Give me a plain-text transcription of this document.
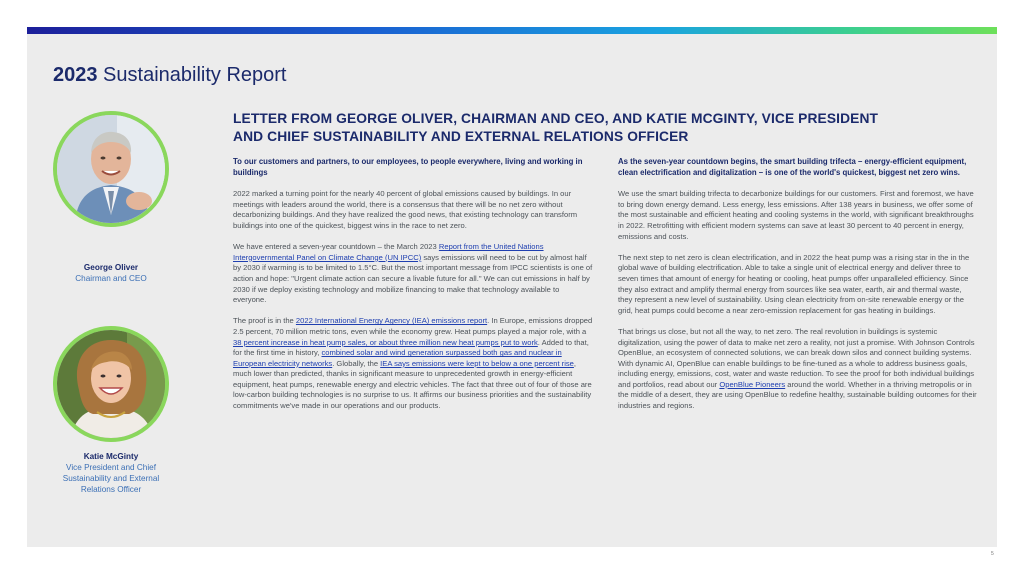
2023 Sustainability Report
George Oliver
Chairman and CEO
Katie McGinty
Vice President and Chief
Sustainability and External
Relations Officer
LETTER FROM GEORGE OLIVER, CHAIRMAN AND CEO, AND KATIE MCGINTY, VICE PRESIDENT
AND CHIEF SUSTAINABILITY AND EXTERNAL RELATIONS OFFICER
To our customers and partners, to our employees, to people everywhere, living and working in buildings

2022 marked a turning point for the nearly 40 percent of global emissions caused by buildings. In our meetings with leaders around the world, there is a consensus that there will be no net zero without decarbonizing buildings. And they have realized the good news, that existing technology can transform buildings into one of the quickest, biggest wins in the race to net zero.

We have entered a seven-year countdown – the March 2023 Report from the United Nations Intergovernmental Panel on Climate Change (UN IPCC) says emissions will need to be cut by almost half by 2030 if warming is to be limited to 1.5°C. But the most important message from IPCC scientists is one of action and hope: "Urgent climate action can secure a livable future for all." We can cut emissions in half by 2030 if we deploy existing technology and mobilize financing to make that technology available to everyone.

The proof is in the 2022 International Energy Agency (IEA) emissions report. In Europe, emissions dropped 2.5 percent, 70 million metric tons, even while the economy grew. Heat pumps played a major role, with a 38 percent increase in heat pump sales, or about three million new heat pumps put to work. Added to that, for the first time in history, combined solar and wind generation surpassed both gas and nuclear in European electricity networks. Globally, the IEA says emissions were kept to below a one percent rise, much lower than predicted, thanks in significant measure to unprecedented growth in energy-efficient equipment, heat pumps, renewable energy and electric vehicles. The fact that three out of four of those are low-carbon building technologies is no surprise to us. It affirms our business priorities and the sustainability commitments we've made in our operations and our products.

As the seven-year countdown begins, the smart building trifecta – energy-efficient equipment, clean electrification and digitalization – is one of the world's quickest, biggest net zero wins.

We use the smart building trifecta to decarbonize buildings for our customers. First and foremost, we have to bring down energy demand. Less energy, less emissions. After 138 years in business, we offer some of the most sustainable and efficient heating and cooling systems in the world, with significant breakthroughs in 2022. Retrofitting with efficient modern systems can save at least 30 percent to 40 percent in energy, emissions and costs.

The next step to net zero is clean electrification, and in 2022 the heat pump was a rising star in the in the global wave of building electrification. Able to take a single unit of electrical energy and deliver three to seven times that amount of energy for heating or cooling, heat pumps offer unparalleled efficiency. Since they also extract and amplify thermal energy from sources like sea water, earth, air and thermal waste, they represent a new level of sustainability. Using clean electricity from on-site renewable energy or the grid, heat pumps could become a near zero-emission replacement for gas heating in buildings.

That brings us close, but not all the way, to net zero. The real revolution in buildings is systemic digitalization, using the power of data to make net zero a reality, not just a promise. With Johnson Controls OpenBlue, an ecosystem of connected solutions, we can break down silos and connect building systems. With dynamic AI, OpenBlue can enable buildings to be fine-tuned as a whole to address business goals, including energy, emissions, cost, water and waste reduction. To see the proof for both individual buildings and portfolios, read about our OpenBlue Pioneers around the world. Whether in a thriving metropolis or in the middle of a desert, they are using OpenBlue to redefine healthy, sustainable building outcomes for their industries and regions.

5
